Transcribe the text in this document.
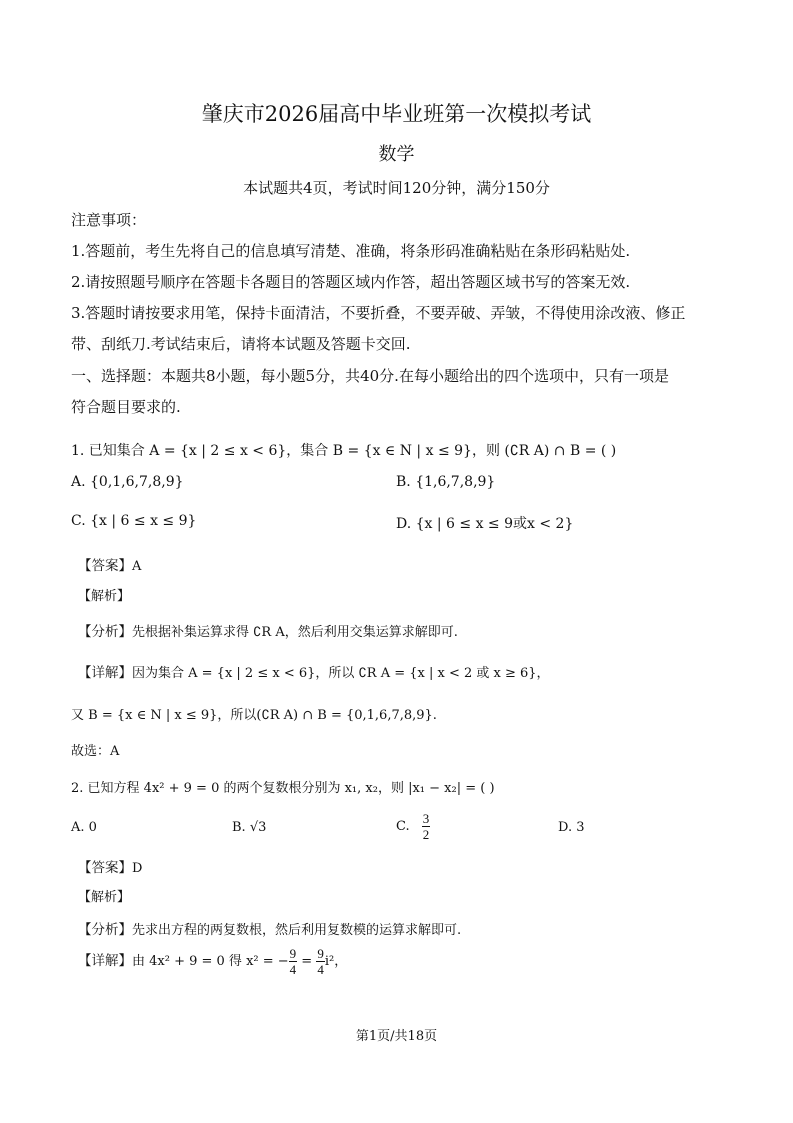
肇庆市2026届高中毕业班第一次模拟考试
数学
本试题共4页，考试时间120分钟，满分150分
注意事项：
1.答题前，考生先将自己的信息填写清楚、准确，将条形码准确粘贴在条形码粘贴处.
2.请按照题号顺序在答题卡各题目的答题区域内作答，超出答题区域书写的答案无效.
3.答题时请按要求用笔，保持卡面清洁，不要折叠，不要弄破、弄皱，不得使用涂改液、修正
带、刮纸刀.考试结束后，请将本试题及答题卡交回.
一、选择题：本题共8小题，每小题5分，共40分.在每小题给出的四个选项中，只有一项是
符合题目要求的.
1. 已知集合 A = {x | 2 ≤ x < 6}，集合 B = {x ∈ N | x ≤ 9}，则 (∁R A) ∩ B = ( )
A. {0,1,6,7,8,9}	B. {1,6,7,8,9}
C. {x | 6 ≤ x ≤ 9}	D. {x | 6 ≤ x ≤ 9或x < 2}
【答案】A
【解析】
【分析】先根据补集运算求得 ∁R A，然后利用交集运算求解即可.
【详解】因为集合 A = {x | 2 ≤ x < 6}，所以 ∁R A = {x | x < 2 或 x ≥ 6}，
又 B = {x ∈ N | x ≤ 9}，所以(∁R A) ∩ B = {0,1,6,7,8,9}.
故选：A
2. 已知方程 4x² + 9 = 0 的两个复数根分别为 x₁, x₂，则 |x₁ − x₂| = ( )
A. 0	B. √3	C. $\frac{3}{2}$	D. 3
【答案】D
【解析】
【分析】先求出方程的两复数根，然后利用复数模的运算求解即可.
【详解】由 4x² + 9 = 0 得 x² = − $\frac{9}{4} = \frac{9}{4} i^2$，
第1页/共18页
